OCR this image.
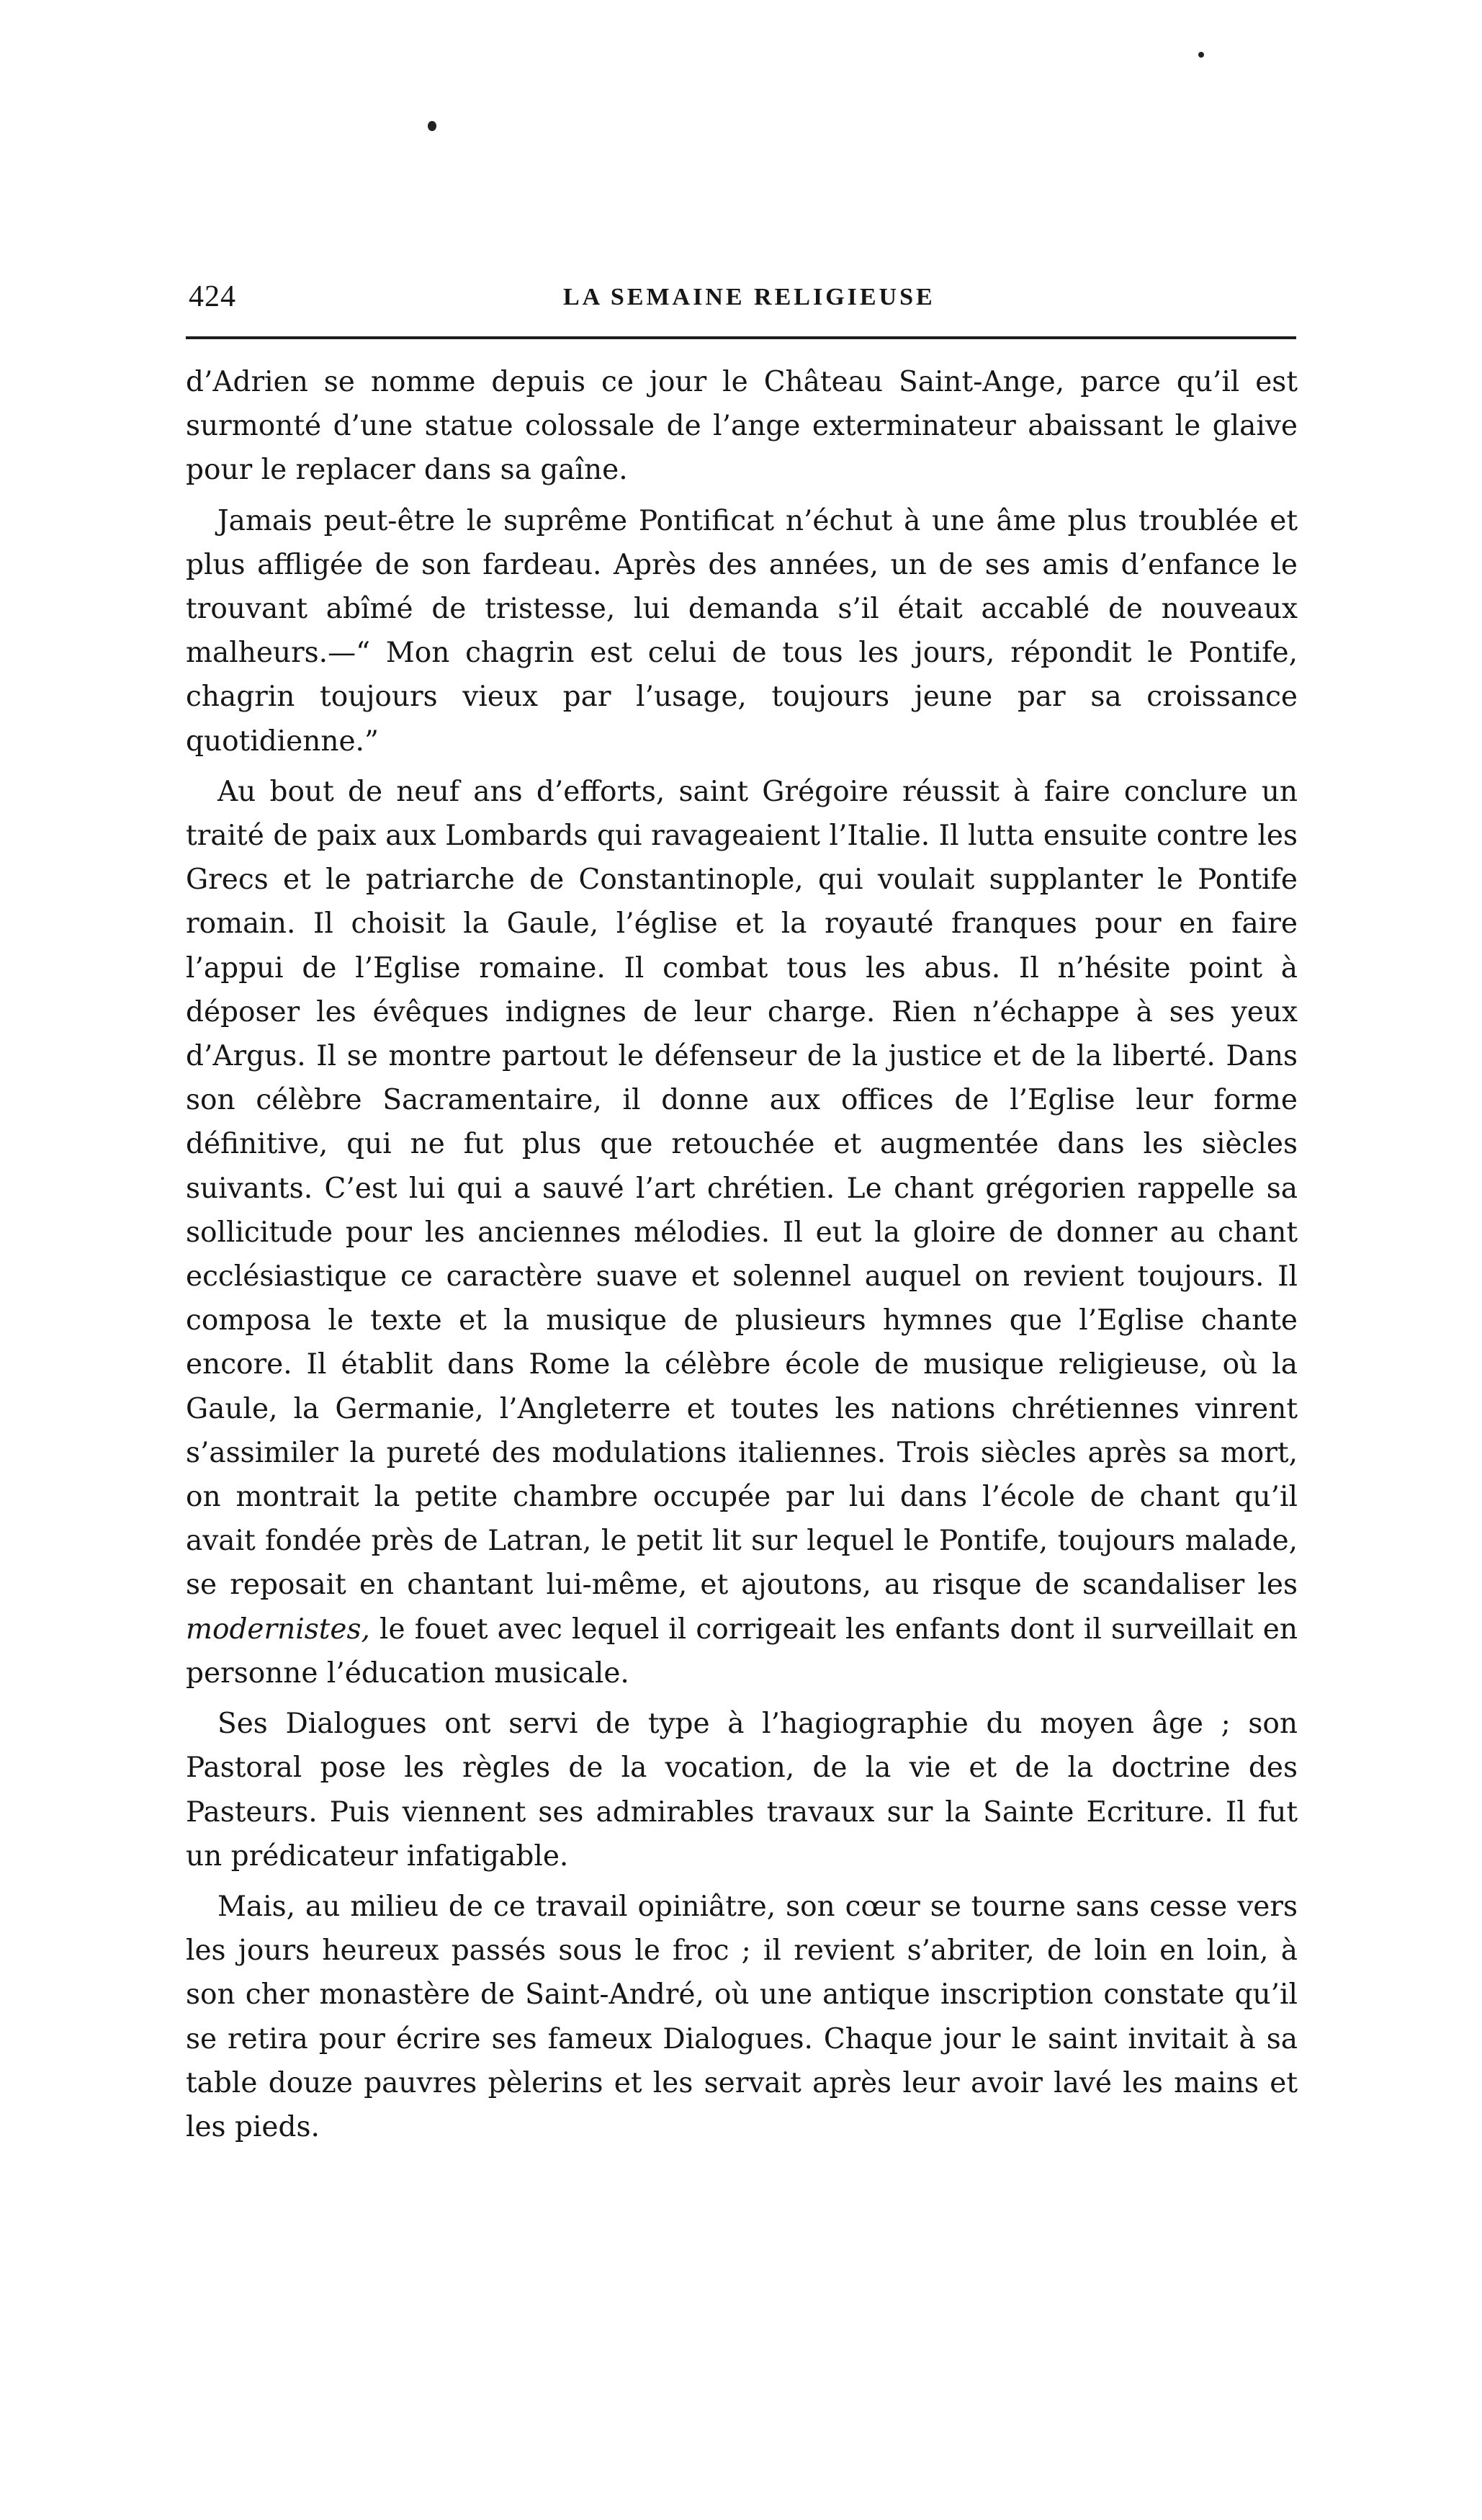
424	LA SEMAINE RELIGIEUSE

d’Adrien se nomme depuis ce jour le Château Saint-Ange, parce qu’il est surmonté d’une statue colossale de l’ange exterminateur abaissant le glaive pour le replacer dans sa gaîne.

Jamais peut-être le suprême Pontificat n’échut à une âme plus troublée et plus affligée de son fardeau. Après des années, un de ses amis d’enfance le trouvant abîmé de tristesse, lui demanda s’il était accablé de nouveaux malheurs.—“ Mon chagrin est celui de tous les jours, répondit le Pontife, chagrin toujours vieux par l’usage, toujours jeune par sa croissance quotidienne.”

Au bout de neuf ans d’efforts, saint Grégoire réussit à faire conclure un traité de paix aux Lombards qui ravageaient l’Italie. Il lutta ensuite contre les Grecs et le patriarche de Constantinople, qui voulait supplanter le Pontife romain. Il choisit la Gaule, l’église et la royauté franques pour en faire l’appui de l’Eglise romaine. Il combat tous les abus. Il n’hésite point à déposer les évêques indignes de leur charge. Rien n’échappe à ses yeux d’Argus. Il se montre partout le défenseur de la justice et de la liberté. Dans son célèbre Sacramentaire, il donne aux offices de l’Eglise leur forme définitive, qui ne fut plus que retouchée et augmentée dans les siècles suivants. C’est lui qui a sauvé l’art chrétien. Le chant grégorien rappelle sa sollicitude pour les anciennes mélodies. Il eut la gloire de donner au chant ecclésiastique ce caractère suave et solennel auquel on revient toujours. Il composa le texte et la musique de plusieurs hymnes que l’Eglise chante encore. Il établit dans Rome la célèbre école de musique religieuse, où la Gaule, la Germanie, l’Angleterre et toutes les nations chrétiennes vinrent s’assimiler la pureté des modulations italiennes. Trois siècles après sa mort, on montrait la petite chambre occupée par lui dans l’école de chant qu’il avait fondée près de Latran, le petit lit sur lequel le Pontife, toujours malade, se reposait en chantant lui-même, et ajoutons, au risque de scandaliser les modernistes, le fouet avec lequel il corrigeait les enfants dont il surveillait en personne l’éducation musicale.

Ses Dialogues ont servi de type à l’hagiographie du moyen âge ; son Pastoral pose les règles de la vocation, de la vie et de la doctrine des Pasteurs. Puis viennent ses admirables travaux sur la Sainte Ecriture. Il fut un prédicateur infatigable.

Mais, au milieu de ce travail opiniâtre, son cœur se tourne sans cesse vers les jours heureux passés sous le froc ; il revient s’abriter, de loin en loin, à son cher monastère de Saint-André, où une antique inscription constate qu’il se retira pour écrire ses fameux Dialogues. Chaque jour le saint invitait à sa table douze pauvres pèlerins et les servait après leur avoir lavé les mains et les pieds.
